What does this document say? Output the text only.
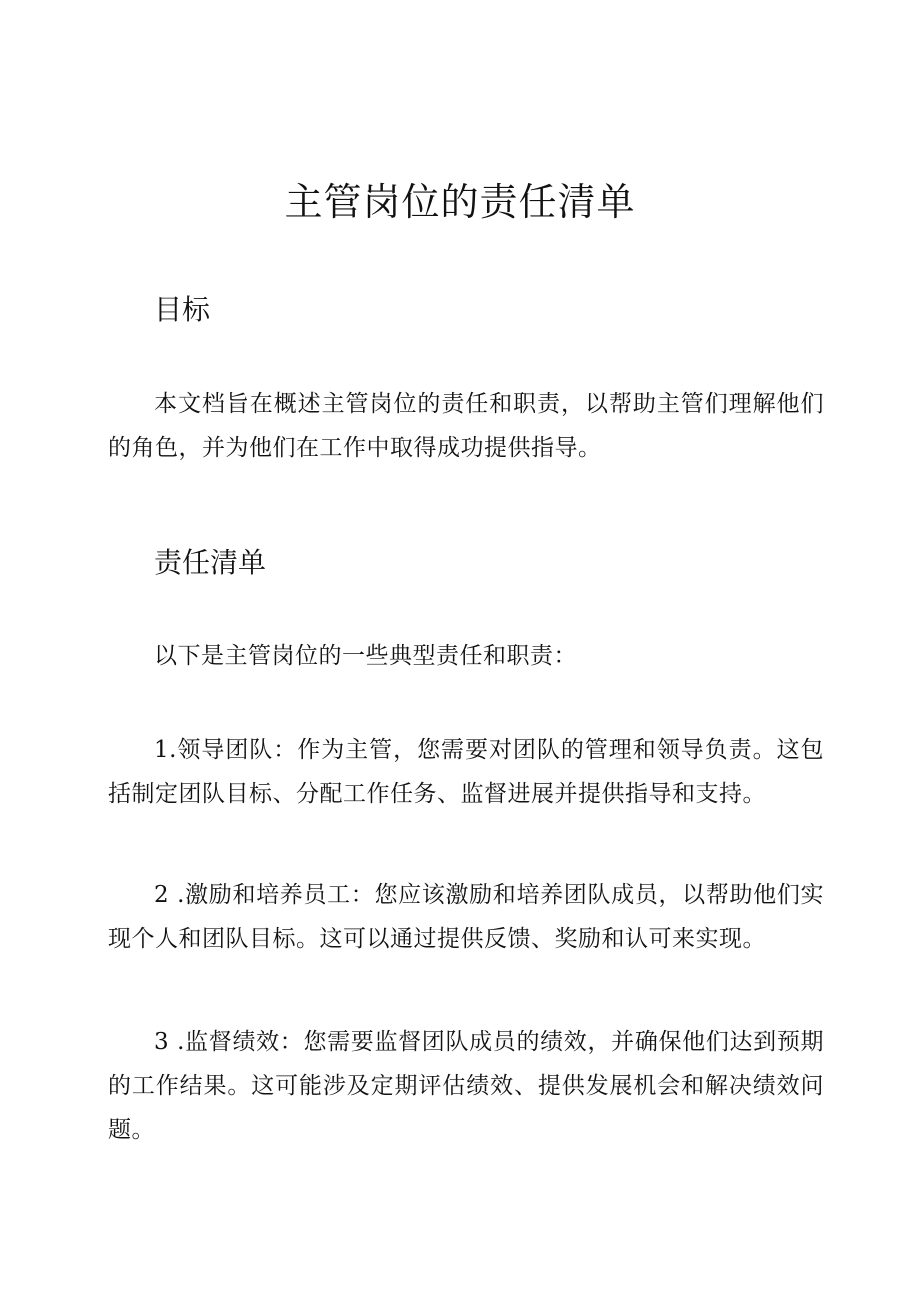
主管岗位的责任清单
目标

本文档旨在概述主管岗位的责任和职责，以帮助主管们理解他们的角色，并为他们在工作中取得成功提供指导。

责任清单

以下是主管岗位的一些典型责任和职责：

1.领导团队：作为主管，您需要对团队的管理和领导负责。这包括制定团队目标、分配工作任务、监督进展并提供指导和支持。

2 .激励和培养员工：您应该激励和培养团队成员，以帮助他们实现个人和团队目标。这可以通过提供反馈、奖励和认可来实现。

3 .监督绩效：您需要监督团队成员的绩效，并确保他们达到预期的工作结果。这可能涉及定期评估绩效、提供发展机会和解决绩效问题。
